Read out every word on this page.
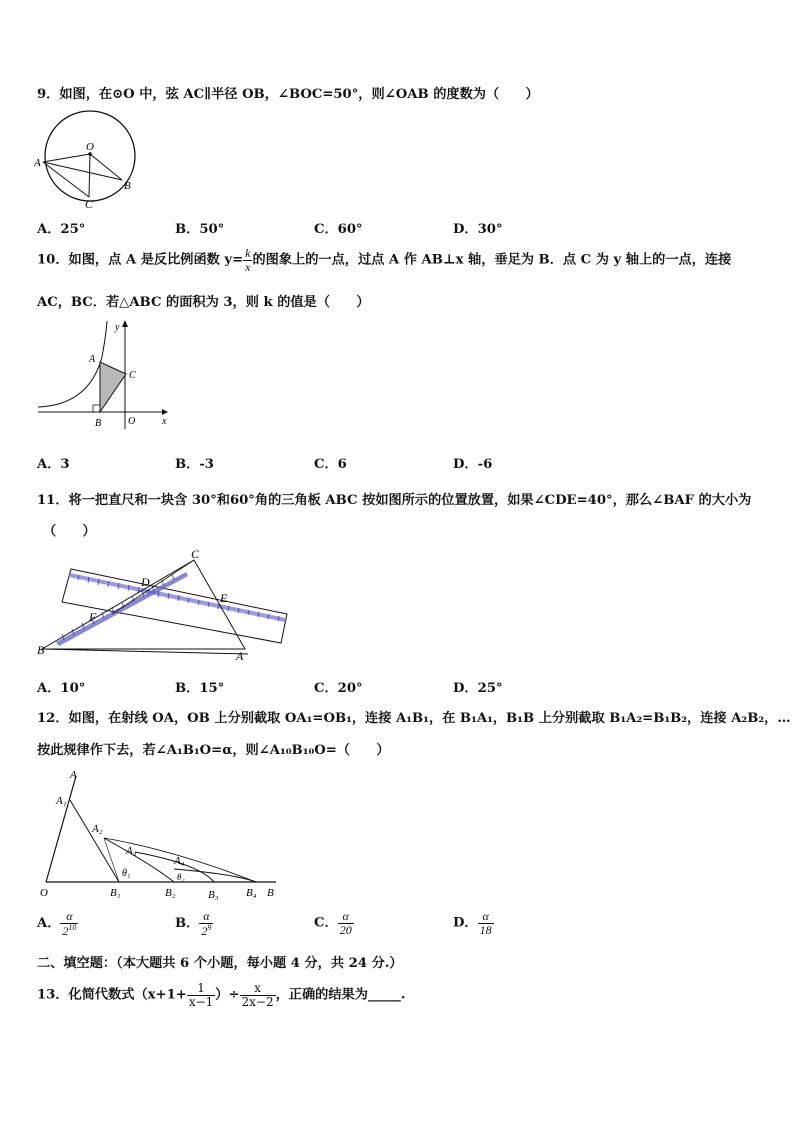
9．如图，在⊙O 中，弦 AC∥半径 OB，∠BOC=50°，则∠OAB 的度数为（　　）
O
A
B
C
A．25°	B．50°	C．60°	D．30°
10．如图，点 A 是反比例函数 $y= \frac{k}{x}$ 的图象上的一点，过点 A 作 AB⊥x 轴，垂足为 B．点 C 为 y 轴上的一点，连接
AC，BC．若△ABC 的面积为 3，则 k 的值是（　　）
y
A
C
B	O	x
A．3	B．-3	C．6	D．-6
11．将一把直尺和一块含 30°和60°角的三角板 ABC 按如图所示的位置放置，如果∠CDE=40°，那么∠BAF 的大小为
（　　）
C
D
E
F
B	A
A．10°	B．15°	C．20°	D．25°
12．如图，在射线 OA，OB 上分别截取 OA₁=OB₁，连接 A₁B₁，在 B₁A₁，B₁B 上分别截取 B₁A₂=B₁B₂，连接 A₂B₂，…
按此规律作下去，若∠A₁B₁O=α，则∠A₁₀B₁₀O=（　　）
A
A₁
A₂
A₃
A₄
θ₁	θ₂
O	B₁	B₂	B₃ B₄ B
A． $\frac{\alpha}{2^{10}}$	B． $\frac{\alpha}{2^9}$	C． $\frac{\alpha}{20}$	D． $\frac{\alpha}{18}$
二、填空题：（本大题共 6 个小题，每小题 4 分，共 24 分.）
13．化简代数式（$x+1+ \frac{1}{x-1}$ ）÷ $\frac{x}{2x-2}$ ，正确的结果为_____.
